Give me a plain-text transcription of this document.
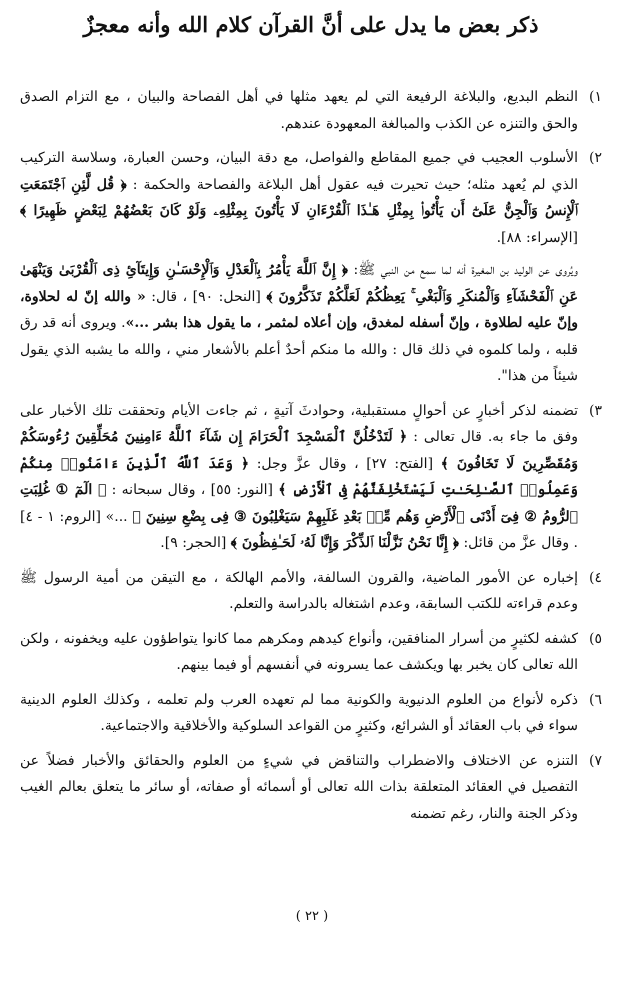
ذكر بعض ما يدل على أنَّ القرآن كلام الله وأنه معجزٌ
١)

النظم البديع، والبلاغة الرفيعة التي لم يعهد مثلها في أهل الفصاحة والبيان ، مع التزام الصدق والحق والتنزه عن الكذب والمبالغة المعهودة عندهم.

٢)

الأسلوب العجيب في جميع المقاطع والفواصل، مع دقة البيان، وحسن العبارة، وسلاسة التركيب الذي لم يُعهد مثله؛ حيث تحيرت فيه عقول أهل البلاغة والفصاحة والحكمة : ﴿ قُل لَّئِنِ ٱجْتَمَعَتِ ٱلْإِنسُ وَٱلْجِنُّ عَلَىٰٓ أَن يَأْتُوا۟ بِمِثْلِ هَـٰذَا ٱلْقُرْءَانِ لَا يَأْتُونَ بِمِثْلِهِۦ وَلَوْ كَانَ بَعْضُهُمْ لِبَعْضٍ ظَهِيرًا ﴾ [الإسراء: ٨٨].

ويُروى عن الوليد بن المغيرة أنه لما سمع من النبي ﷺ: ﴿ إِنَّ ٱللَّهَ يَأْمُرُ بِٱلْعَدْلِ وَٱلْإِحْسَـٰنِ وَإِيتَآئِ ذِى ٱلْقُرْبَىٰ وَيَنْهَىٰ عَنِ ٱلْفَحْشَآءِ وَٱلْمُنكَرِ وَٱلْبَغْىِ ۚ يَعِظُكُمْ لَعَلَّكُمْ تَذَكَّرُونَ ﴾ [النحل: ٩٠] ، قال: « والله إنّ له لحلاوة، وإنّ عليه لطلاوة ، وإنّ أسفله لمغدق، وإن أعلاه لمثمر ، ما يقول هذا بشر ...». ويروى أنه قد رق قلبه ، ولما كلموه في ذلك قال : والله ما منكم أحدٌ أعلم بالأشعار مني ، والله ما يشبه الذي يقول شيئاً من هذا".

٣)

تضمنه لذكر أخبارٍ عن أحوالٍ مستقبلية، وحوادثَ آتيةٍ ، ثم جاءت الأيام وتحققت تلك الأخبار على وفق ما جاء به. قال تعالى : ﴿ لَتَدْخُلُنَّ ٱلْمَسْجِدَ ٱلْحَرَامَ إِن شَآءَ ٱللَّهُ ءَامِنِينَ مُحَلِّقِينَ رُءُوسَكُمْ وَمُقَصِّرِينَ لَا تَخَافُونَ ﴾ [الفتح: ٢٧] ، وقال عزَّ وجل: ﴿ وَعَدَ ٱللَّهُ ٱلَّذِينَ ءَامَنُوا۟ مِنكُمْ وَعَمِلُوا۟ ٱلصَّـٰلِحَـٰتِ لَيَسْتَخْلِفَنَّهُمْ فِى ٱلْأَرْضِ ﴾ [النور: ٥٥] ، وقال سبحانه : ﴿ الٓمٓ ① غُلِبَتِ ٱلرُّومُ ② فِىٓ أَدْنَى ٱلْأَرْضِ وَهُم مِّنۢ بَعْدِ غَلَبِهِمْ سَيَغْلِبُونَ ③ فِى بِضْعِ سِنِينَ ﴾ ...» [الروم: ١ - ٤] . وقال عزَّ من قائل: ﴿ إِنَّا نَحْنُ نَزَّلْنَا ٱلذِّكْرَ وَإِنَّا لَهُۥ لَحَـٰفِظُونَ ﴾ [الحجر: ٩].

٤)

إخباره عن الأمور الماضية، والقرون السالفة، والأمم الهالكة ، مع التيقن من أمية الرسول ﷺ وعدم قراءته للكتب السابقة، وعدم اشتغاله بالدراسة والتعلم.

٥)

كشفه لكثيرٍ من أسرار المنافقين، وأنواع كيدهم ومكرهم مما كانوا يتواطؤون عليه ويخفونه ، ولكن الله تعالى كان يخبر بها ويكشف عما يسرونه في أنفسهم أو فيما بينهم.

٦)

ذكره لأنواع من العلوم الدنيوية والكونية مما لم تعهده العرب ولم تعلمه ، وكذلك العلوم الدينية سواء في باب العقائد أو الشرائع، وكثيرٍ من القواعد السلوكية والأخلاقية والاجتماعية.

٧)

التنزه عن الاختلاف والاضطراب والتناقض في شيءٍ من العلوم والحقائق والأخبار فضلاً عن التفصيل في العقائد المتعلقة بذات الله تعالى أو أسمائه أو صفاته، أو سائر ما يتعلق بعالم الغيب وذكر الجنة والنار، رغم تضمنه

( ٢٢ )
